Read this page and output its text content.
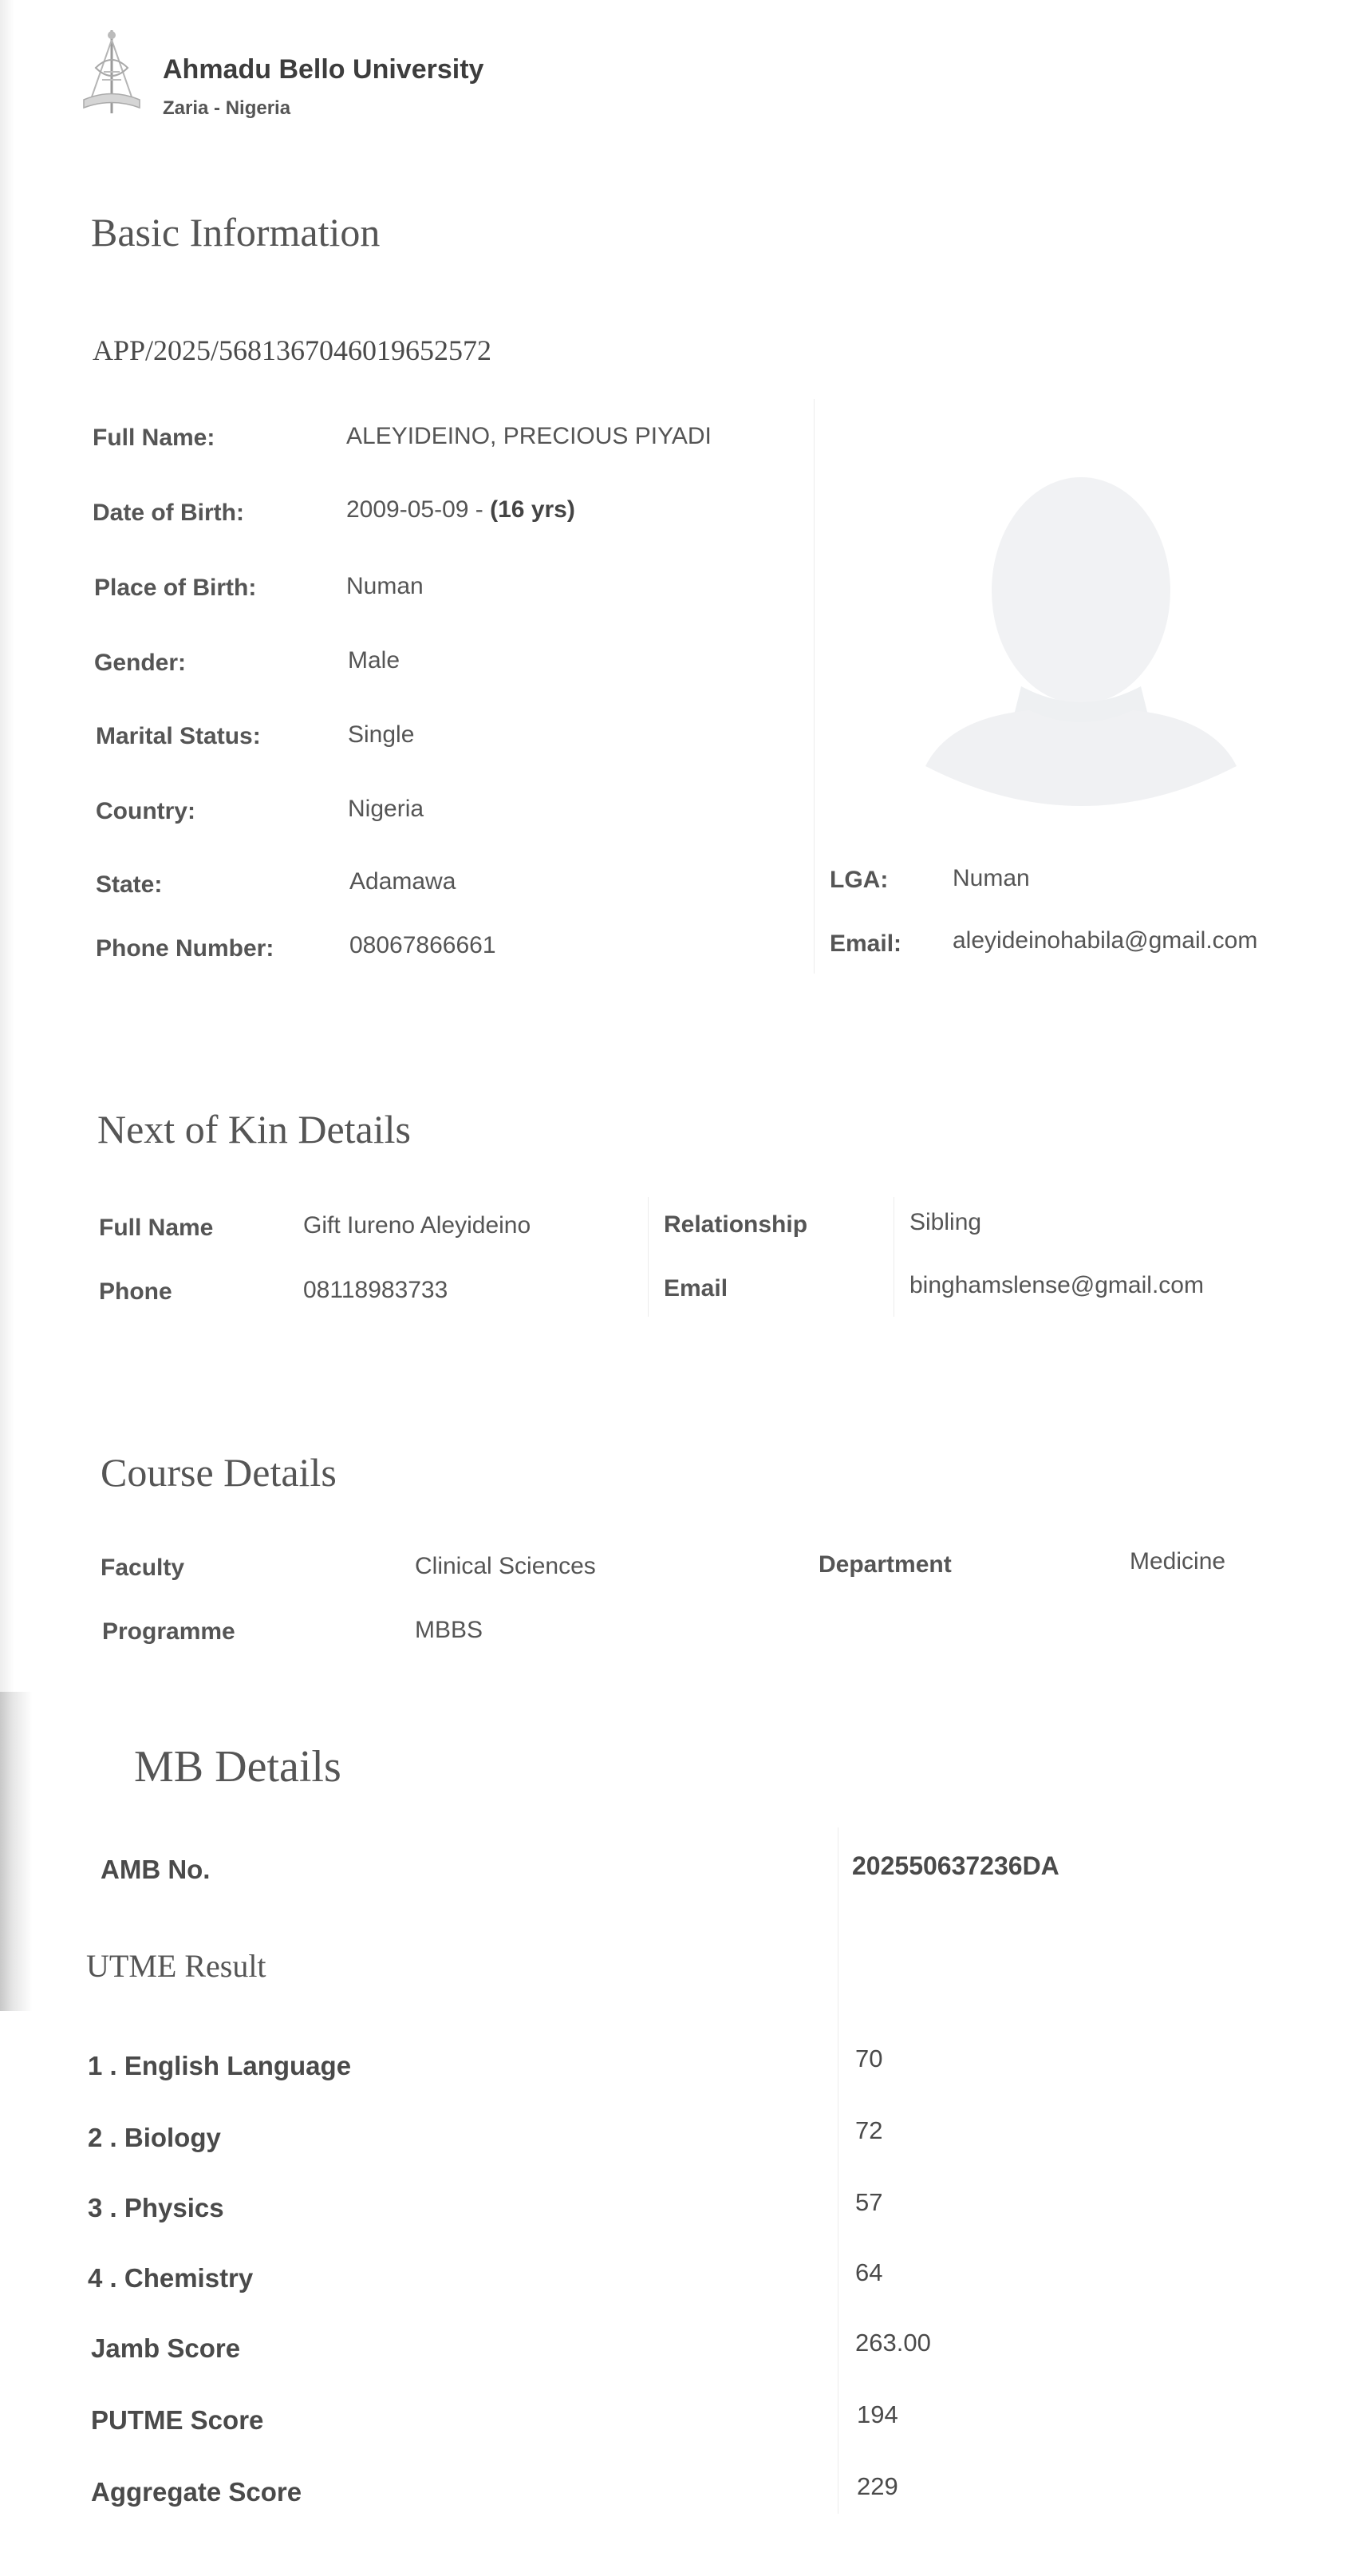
Ahmadu Bello University
Zaria - Nigeria
Basic Information
APP/2025/5681367046019652572
Full Name:	ALEYIDEINO, PRECIOUS PIYADI
Date of Birth:	2009-05-09 - (16 yrs)
Place of Birth:	Numan
Gender:	Male
Marital Status:	Single
Country:	Nigeria
State:	Adamawa
Phone Number:	08067866661
LGA:	Numan
Email: aleyideinohabila@gmail.com
Next of Kin Details
Full Name	Gift Iureno Aleyideino	Relationship	Sibling
Phone	08118983733	Email	binghamslense@gmail.com
Course Details
Faculty	Clinical Sciences	Department	Medicine
Programme	MBBS
MB Details
AMB No.	202550637236DA
UTME Result
1 . English Language	70
2 . Biology	72
3 . Physics	57
4 . Chemistry	64
Jamb Score	263.00
PUTME Score	194
Aggregate Score	229
